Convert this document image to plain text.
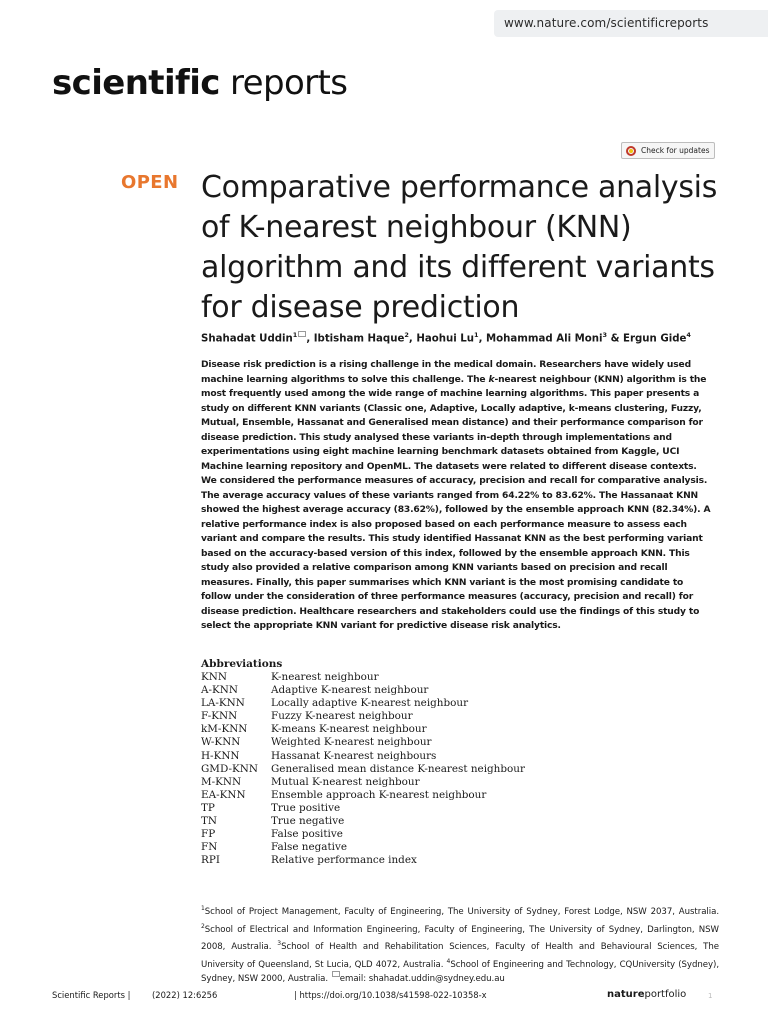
www.nature.com/scientificreports
scientific reports
Check for updates
OPEN Comparative performance analysis of K-nearest neighbour (KNN) algorithm and its different variants for disease prediction
Shahadat Uddin$^1$ , Ibtisham Haque$^2$, Haohui Lu$^1$, Mohammad Ali Moni$^3$ & Ergun Gide$^4$

Disease risk prediction is a rising challenge in the medical domain. Researchers have widely used machine learning algorithms to solve this challenge. The k-nearest neighbour (KNN) algorithm is the most frequently used among the wide range of machine learning algorithms. This paper presents a study on different KNN variants (Classic one, Adaptive, Locally adaptive, k-means clustering, Fuzzy, Mutual, Ensemble, Hassanat and Generalised mean distance) and their performance comparison for disease prediction. This study analysed these variants in-depth through implementations and experimentations using eight machine learning benchmark datasets obtained from Kaggle, UCI Machine learning repository and OpenML. The datasets were related to different disease contexts. We considered the performance measures of accuracy, precision and recall for comparative analysis. The average accuracy values of these variants ranged from 64.22% to 83.62%. The Hassanaat KNN showed the highest average accuracy (83.62%), followed by the ensemble approach KNN (82.34%). A relative performance index is also proposed based on each performance measure to assess each variant and compare the results. This study identified Hassanat KNN as the best performing variant based on the accuracy-based version of this index, followed by the ensemble approach KNN. This study also provided a relative comparison among KNN variants based on precision and recall measures. Finally, this paper summarises which KNN variant is the most promising candidate to follow under the consideration of three performance measures (accuracy, precision and recall) for disease prediction. Healthcare researchers and stakeholders could use the findings of this study to select the appropriate KNN variant for predictive disease risk analytics.

Abbreviations
KNN	K-nearest neighbour
A-KNN	Adaptive K-nearest neighbour
LA-KNN	Locally adaptive K-nearest neighbour
F-KNN	Fuzzy K-nearest neighbour
kM-KNN	K-means K-nearest neighbour
W-KNN	Weighted K-nearest neighbour
H-KNN	Hassanat K-nearest neighbours
GMD-KNN	Generalised mean distance K-nearest neighbour
M-KNN	Mutual K-nearest neighbour
EA-KNN	Ensemble approach K-nearest neighbour
TP	True positive
TN	True negative
FP	False positive
FN	False negative
RPI	Relative performance index
$^1$School of Project Management, Faculty of Engineering, The University of Sydney, Forest Lodge, NSW 2037, Australia. $^2$School of Electrical and Information Engineering, Faculty of Engineering, The University of Sydney, Darlington, NSW 2008, Australia. $^3$School of Health and Rehabilitation Sciences, Faculty of Health and Behavioural Sciences, The University of Queensland, St Lucia, QLD 4072, Australia. $^4$School of Engineering and Technology, CQUniversity (Sydney), Sydney, NSW 2000, Australia. email: shahadat.uddin@sydney.edu.au
Scientific Reports |	(2022) 12:6256	| https://doi.org/10.1038/s41598-022-10358-x	natureportfolio	1
